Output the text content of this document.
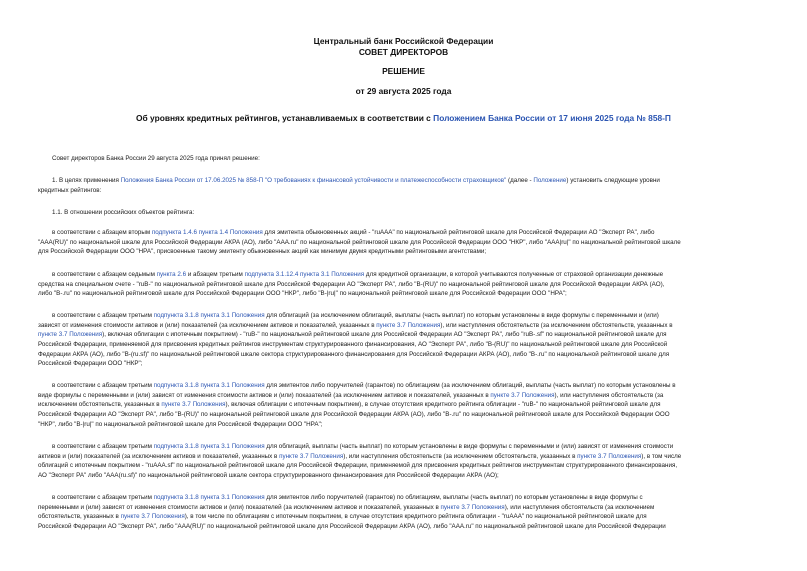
Центральный банк Российской Федерации
СОВЕТ ДИРЕКТОРОВ
РЕШЕНИЕ
от 29 августа 2025 года
Об уровнях кредитных рейтингов, устанавливаемых в соответствии с Положением Банка России от 17 июня 2025 года № 858-П
Совет директоров Банка России 29 августа 2025 года принял решение:
1. В целях применения Положения Банка России от 17.06.2025 № 858-П "О требованиях к финансовой устойчивости и платежеспособности страховщиков" (далее - Положение) установить следующие уровни
кредитных рейтингов:
1.1. В отношении российских объектов рейтинга:
в соответствии с абзацем вторым подпункта 1.4.6 пункта 1.4 Положения для эмитента обыкновенных акций - "ruAAA" по национальной рейтинговой шкале для Российской Федерации АО "Эксперт РА", либо
"AAA(RU)" по национальной шкале для Российской Федерации АКРА (АО), либо "AAA.ru" по национальной рейтинговой шкале для Российской Федерации ООО "НКР", либо "AAA|ru|" по национальной рейтинговой шкале
для Российской Федерации ООО "НРА", присвоенные такому эмитенту обыкновенных акций как минимум двумя кредитными рейтинговыми агентствами;
в соответствии с абзацем седьмым пункта 2.6 и абзацем третьим подпункта 3.1.12.4 пункта 3.1 Положения для кредитной организации, в которой учитываются полученные от страховой организации денежные
средства на специальном счете - "ruB-" по национальной рейтинговой шкале для Российской Федерации АО "Эксперт РА", либо "B-(RU)" по национальной рейтинговой шкале для Российской Федерации АКРА (АО),
либо "B-.ru" по национальной рейтинговой шкале для Российской Федерации ООО "НКР", либо "B-|ru|" по национальной рейтинговой шкале для Российской Федерации ООО "НРА";
в соответствии с абзацем третьим подпункта 3.1.8 пункта 3.1 Положения для облигаций (за исключением облигаций, выплаты (часть выплат) по которым установлены в виде формулы с переменными и (или)
зависят от изменения стоимости активов и (или) показателей (за исключением активов и показателей, указанных в пункте 3.7 Положения), или наступления обстоятельств (за исключением обстоятельств, указанных в
пункте 3.7 Положения), включая облигации с ипотечным покрытием) - "ruB-" по национальной рейтинговой шкале для Российской Федерации АО "Эксперт РА", либо "ruB-.sf" по национальной рейтинговой шкале для
Российской Федерации, применяемой для присвоения кредитных рейтингов инструментам структурированного финансирования, АО "Эксперт РА", либо "B-(RU)" по национальной рейтинговой шкале для Российской
Федерации АКРА (АО), либо "B-(ru.sf)" по национальной рейтинговой шкале сектора структурированного финансирования для Российской Федерации АКРА (АО), либо "B-.ru" по национальной рейтинговой шкале для
Российской Федерации ООО "НКР";
в соответствии с абзацем третьим подпункта 3.1.8 пункта 3.1 Положения для эмитентов либо поручителей (гарантов) по облигациям (за исключением облигаций, выплаты (часть выплат) по которым установлены в
виде формулы с переменными и (или) зависят от изменения стоимости активов и (или) показателей (за исключением активов и показателей, указанных в пункте 3.7 Положения), или наступления обстоятельств (за
исключением обстоятельств, указанных в пункте 3.7 Положения), включая облигации с ипотечным покрытием), в случае отсутствия кредитного рейтинга облигации - "ruB-" по национальной рейтинговой шкале для
Российской Федерации АО "Эксперт РА", либо "B-(RU)" по национальной рейтинговой шкале для Российской Федерации АКРА (АО), либо "B-.ru" по национальной рейтинговой шкале для Российской Федерации ООО
"НКР", либо "B-|ru|" по национальной рейтинговой шкале для Российской Федерации ООО "НРА";
в соответствии с абзацем третьим подпункта 3.1.8 пункта 3.1 Положения для облигаций, выплаты (часть выплат) по которым установлены в виде формулы с переменными и (или) зависят от изменения стоимости
активов и (или) показателей (за исключением активов и показателей, указанных в пункте 3.7 Положения), или наступления обстоятельств (за исключением обстоятельств, указанных в пункте 3.7 Положения), в том числе
облигаций с ипотечным покрытием - "ruAAA.sf" по национальной рейтинговой шкале для Российской Федерации, применяемой для присвоения кредитных рейтингов инструментам структурированного финансирования,
АО "Эксперт РА" либо "AAA(ru.sf)" по национальной рейтинговой шкале сектора структурированного финансирования для Российской Федерации АКРА (АО);
в соответствии с абзацем третьим подпункта 3.1.8 пункта 3.1 Положения для эмитентов либо поручителей (гарантов) по облигациям, выплаты (часть выплат) по которым установлены в виде формулы с
переменными и (или) зависят от изменения стоимости активов и (или) показателей (за исключением активов и показателей, указанных в пункте 3.7 Положения), или наступления обстоятельств (за исключением
обстоятельств, указанных в пункте 3.7 Положения), в том числе по облигациям с ипотечным покрытием, в случае отсутствия кредитного рейтинга облигации - "ruAAA" по национальной рейтинговой шкале для
Российской Федерации АО "Эксперт РА", либо "AAA(RU)" по национальной рейтинговой шкале для Российской Федерации АКРА (АО), либо "AAA.ru" по национальной рейтинговой шкале для Российской Федерации
